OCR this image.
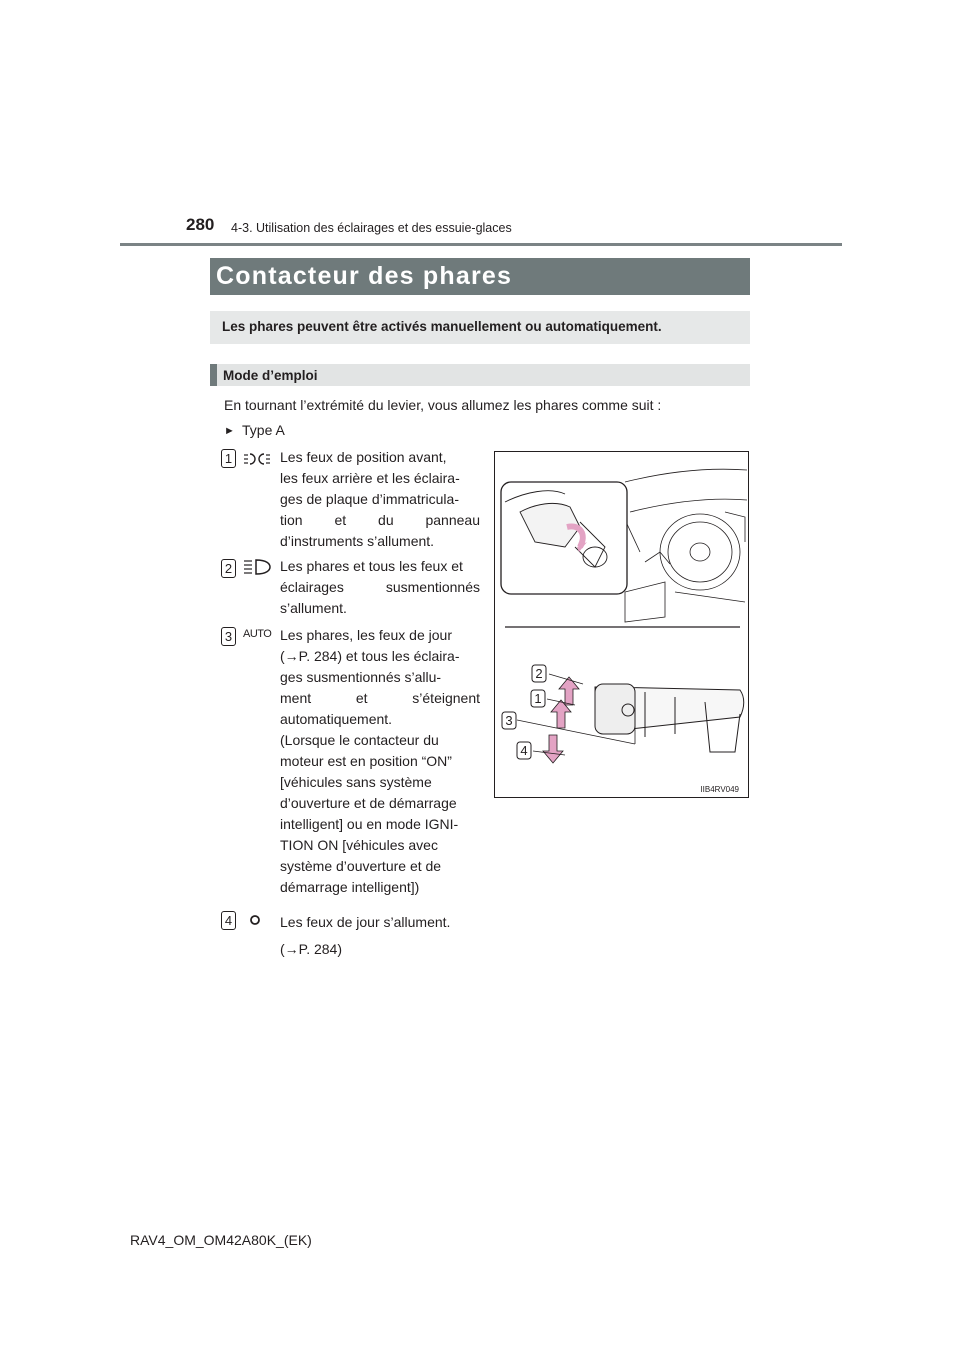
280 4-3. Utilisation des éclairages et des essuie-glaces
Contacteur des phares
Les phares peuvent être activés manuellement ou automatiquement.
Mode d’emploi
En tournant l’extrémité du levier, vous allumez les phares comme suit :
► Type A
1	Les feux de position avant,
les feux arrière et les éclaira-
ges de plaque d’immatricula-
tion et du panneau
d’instruments s’allument.
2	Les phares et tous les feux et
éclairages susmentionnés
s’allument.
3 AUTO Les phares, les feux de jour
(→P. 284) et tous les éclaira-
ges susmentionnés s’allu-
ment et s’éteignent
automatiquement.
(Lorsque le contacteur du
moteur est en position “ON”
[véhicules sans système
d’ouverture et de démarrage
intelligent] ou en mode IGNI-
TION ON [véhicules avec
système d’ouverture et de
démarrage intelligent])
4	Les feux de jour s’allument.
(→P. 284)
2
1
3
4
IIB4RV049
RAV4_OM_OM42A80K_(EK)
